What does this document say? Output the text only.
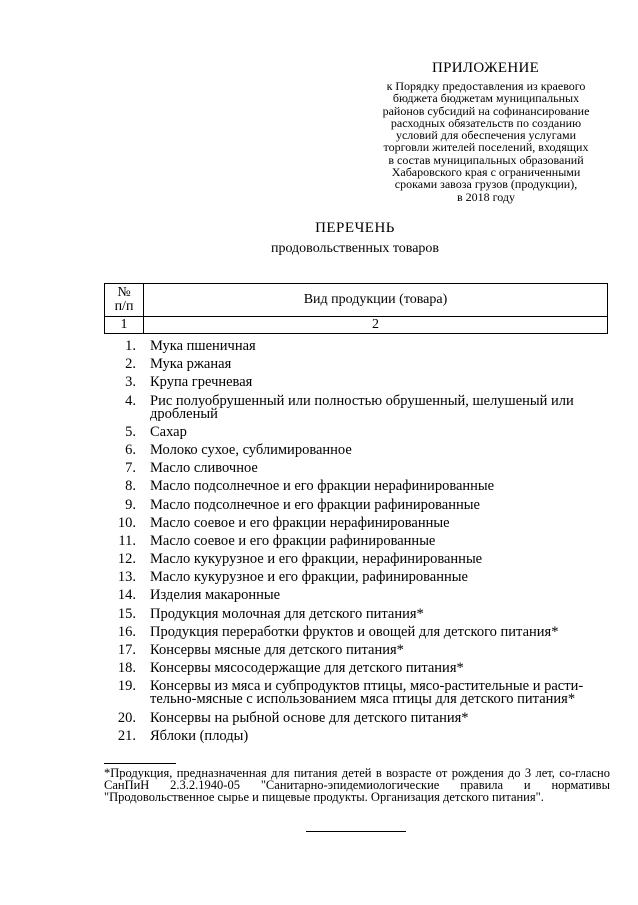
ПРИЛОЖЕНИЕ
к Порядку предоставления из краевого
бюджета бюджетам муниципальных
районов субсидий на софинансирование
расходных обязательств по созданию
условий для обеспечения услугами
торговли жителей поселений, входящих
в состав муниципальных образований
Хабаровского края с ограниченными
сроками завоза грузов (продукции),
в 2018 году
ПЕРЕЧЕНЬ
продовольственных товаров
№
п/п	Вид продукции (товара)
1	2
1. Мука пшеничная
2. Мука ржаная
3. Крупа гречневая
4. Рис полуобрушенный или полностью обрушенный, шелушеный или дробленый
5. Сахар
6. Молоко сухое, сублимированное
7. Масло сливочное
8. Масло подсолнечное и его фракции нерафинированные
9. Масло подсолнечное и его фракции рафинированные
10. Масло соевое и его фракции нерафинированные
11. Масло соевое и его фракции рафинированные
12. Масло кукурузное и его фракции, нерафинированные
13. Масло кукурузное и его фракции, рафинированные
14. Изделия макаронные
15. Продукция молочная для детского питания*
16. Продукция переработки фруктов и овощей для детского питания*
17. Консервы мясные для детского питания*
18. Консервы мясосодержащие для детского питания*
19. Консервы из мяса и субпродуктов птицы, мясо-растительные и расти-тельно-мясные с использованием мяса птицы для детского питания*
20. Консервы на рыбной основе для детского питания*
21. Яблоки (плоды)
*Продукция, предназначенная для питания детей в возрасте от рождения до 3 лет, со-гласно СанПиН 2.3.2.1940-05 "Санитарно-эпидемиологические правила и нормативы "Продовольственное сырье и пищевые продукты. Организация детского питания".
